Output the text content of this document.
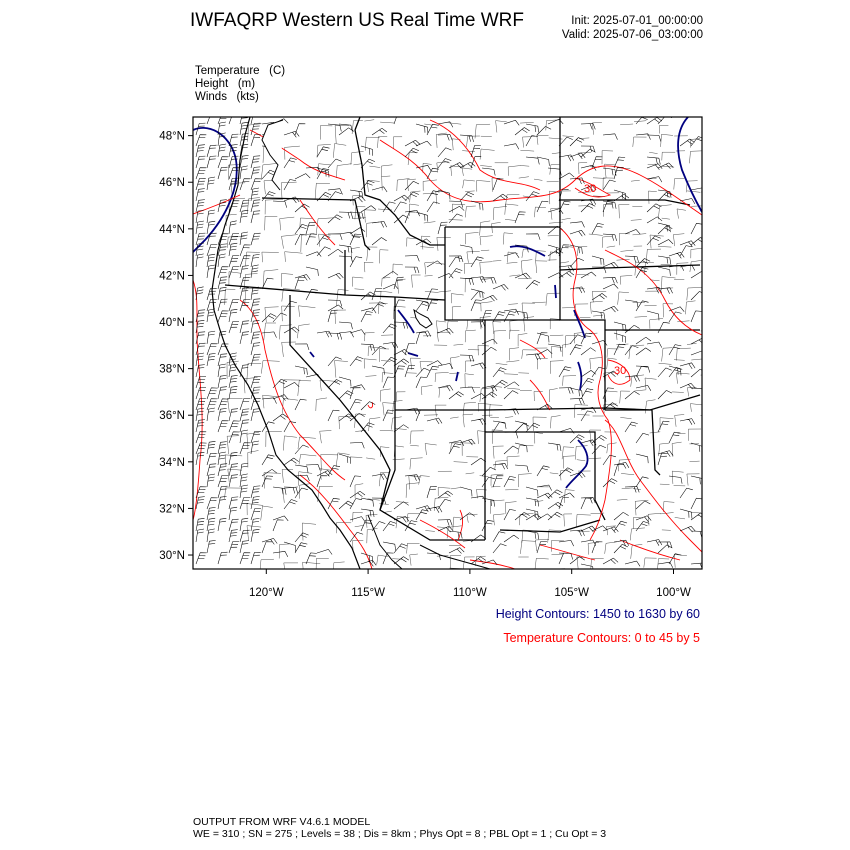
IWFAQRP Western US Real Time WRF	Init: 2025-07-01_00:00:00
Valid: 2025-07-06_03:00:00
Temperature   (C)
Height   (m)
Winds   (kts)
30
30
48°N
46°N
44°N
42°N
40°N
38°N
36°N
34°N
32°N
30°N
120°W	115°W	110°W	105°W	100°W
Height Contours: 1450 to 1630 by 60
Temperature Contours: 0 to 45 by 5
OUTPUT FROM WRF V4.6.1 MODEL
WE = 310 ; SN = 275 ; Levels = 38 ; Dis = 8km ; Phys Opt = 8 ; PBL Opt = 1 ; Cu Opt = 3
